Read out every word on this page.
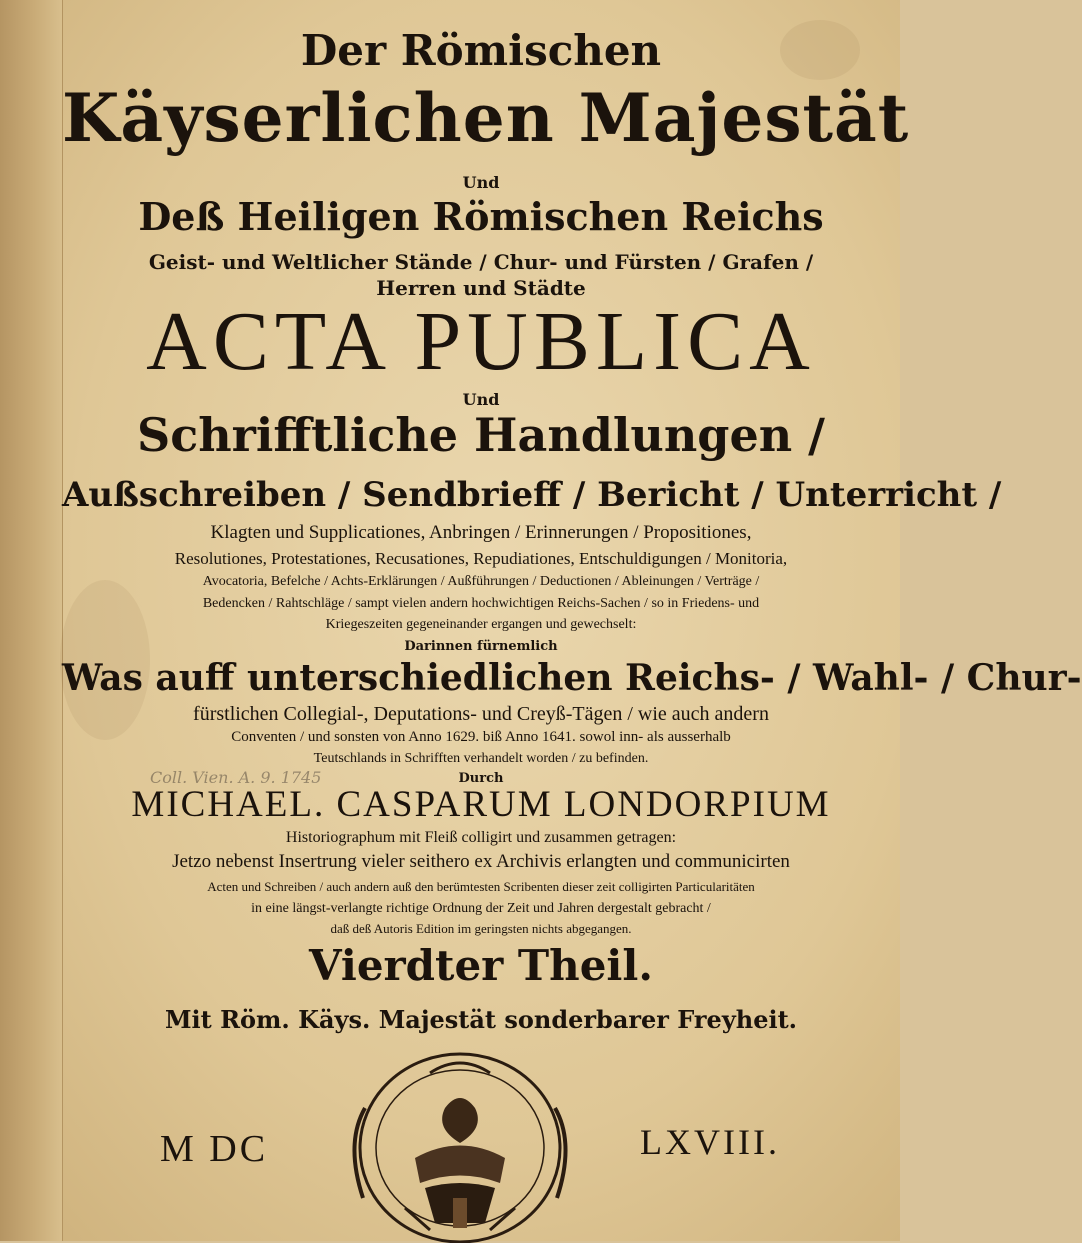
Der Römischen
Käyserlichen Majestät
Und
Deß Heiligen Römischen Reichs
Geist- und Weltlicher Stände / Chur- und Fürsten / Grafen /
Herren und Städte
ACTA PUBLICA
Und
Schrifftliche Handlungen /
Außschreiben / Sendbrieff / Bericht / Unterricht /
Klagten und Supplicationes, Anbringen / Erinnerungen / Propositiones,
Resolutiones, Protestationes, Recusationes, Repudiationes, Entschuldigungen / Monitoria,
Avocatoria, Befelche / Achts-Erklärungen / Außführungen / Deductionen / Ableinungen / Verträge /
Bedencken / Rahtschläge / sampt vielen andern hochwichtigen Reichs-Sachen / so in Friedens- und
Kriegeszeiten gegeneinander ergangen und gewechselt:
Darinnen fürnemlich
Was auff unterschiedlichen Reichs- / Wahl- / Chur-
fürstlichen Collegial-, Deputations- und Creyß-Tägen / wie auch andern
Conventen / und sonsten von Anno 1629. biß Anno 1641. sowol inn- als ausserhalb
Teutschlands in Schrifften verhandelt worden / zu befinden.
Coll. Vien. A. 9. 1745	Durch
MICHAEL. CASPARUM LONDORPIUM
Historiographum mit Fleiß colligirt und zusammen getragen:
Jetzo nebenst Insertrung vieler seithero ex Archivis erlangten und communicirten
Acten und Schreiben / auch andern auß den berümtesten Scribenten dieser zeit colligirten Particularitäten
in eine längst-verlangte richtige Ordnung der Zeit und Jahren dergestalt gebracht /
daß deß Autoris Edition im geringsten nichts abgegangen.
Vierdter Theil.
Mit Röm. Käys. Majestät sonderbarer Freyheit.
M DC	LXVIII.
